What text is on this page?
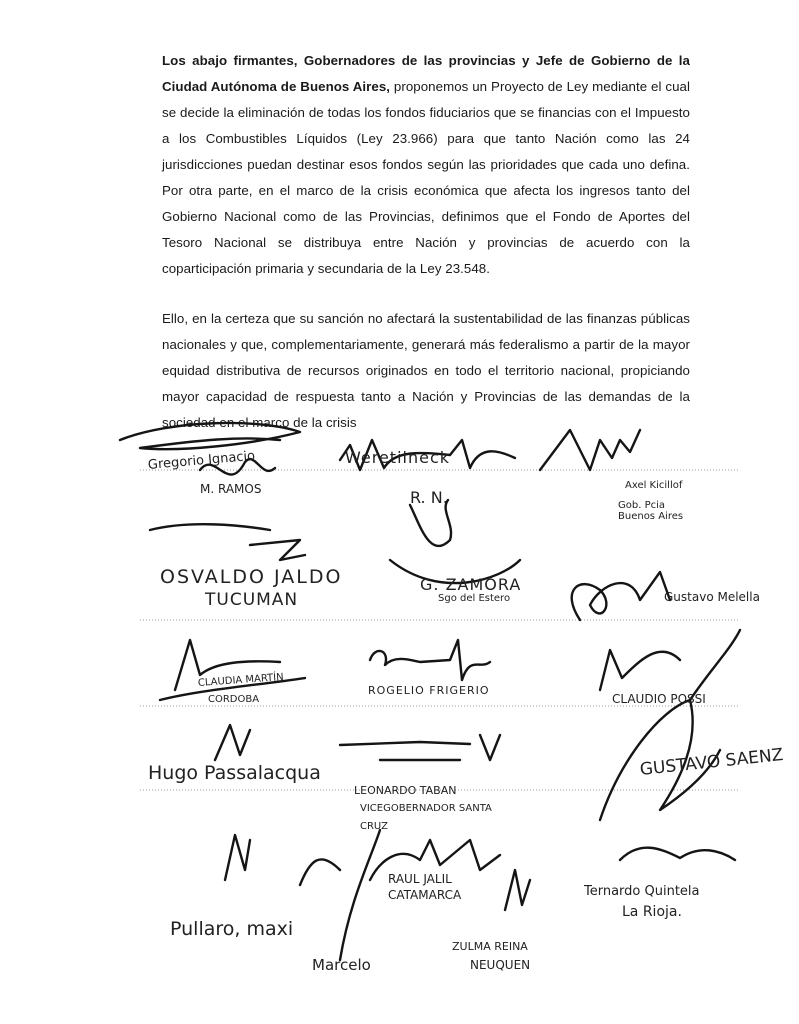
Los abajo firmantes, Gobernadores de las provincias y Jefe de Gobierno de la Ciudad Autónoma de Buenos Aires, proponemos un Proyecto de Ley mediante el cual se decide la eliminación de todas los fondos fiduciarios que se financias con el Impuesto a los Combustibles Líquidos (Ley 23.966) para que tanto Nación como las 24 jurisdicciones puedan destinar esos fondos según las prioridades que cada uno defina. Por otra parte, en el marco de la crisis económica que afecta los ingresos tanto del Gobierno Nacional como de las Provincias, definimos que el Fondo de Aportes del Tesoro Nacional se distribuya entre Nación y provincias de acuerdo con la coparticipación primaria y secundaria de la Ley 23.548.

Ello, en la certeza que su sanción no afectará la sustentabilidad de las finanzas públicas nacionales y que, complementariamente, generará más federalismo a partir de la mayor equidad distributiva de recursos originados en todo el territorio nacional, propiciando mayor capacidad de respuesta tanto a Nación y Provincias de las demandas de la sociedad en el marco de la crisis

Gregorio Ignacio
M. RAMOS
Weretilneck
R. N.
Axel Kicillof
Gob. Pcia Buenos Aires
OSVALDO JALDO
TUCUMAN
G. ZAMORA
Sgo del Estero	Gustavo Melella
CLAUDIA MARTÍN
CORDOBA
ROGELIO FRIGERIO
CLAUDIO POSSI
Hugo Passalacqua
LEONARDO TABAN
VICEGOBERNADOR SANTA CRUZ
GUSTAVO SAENZ
RAUL JALIL
CATAMARCA	Ternardo Quintela
La Rioja.
Pullaro, maxi
ZULMA REINA
Marcelo	NEUQUEN
